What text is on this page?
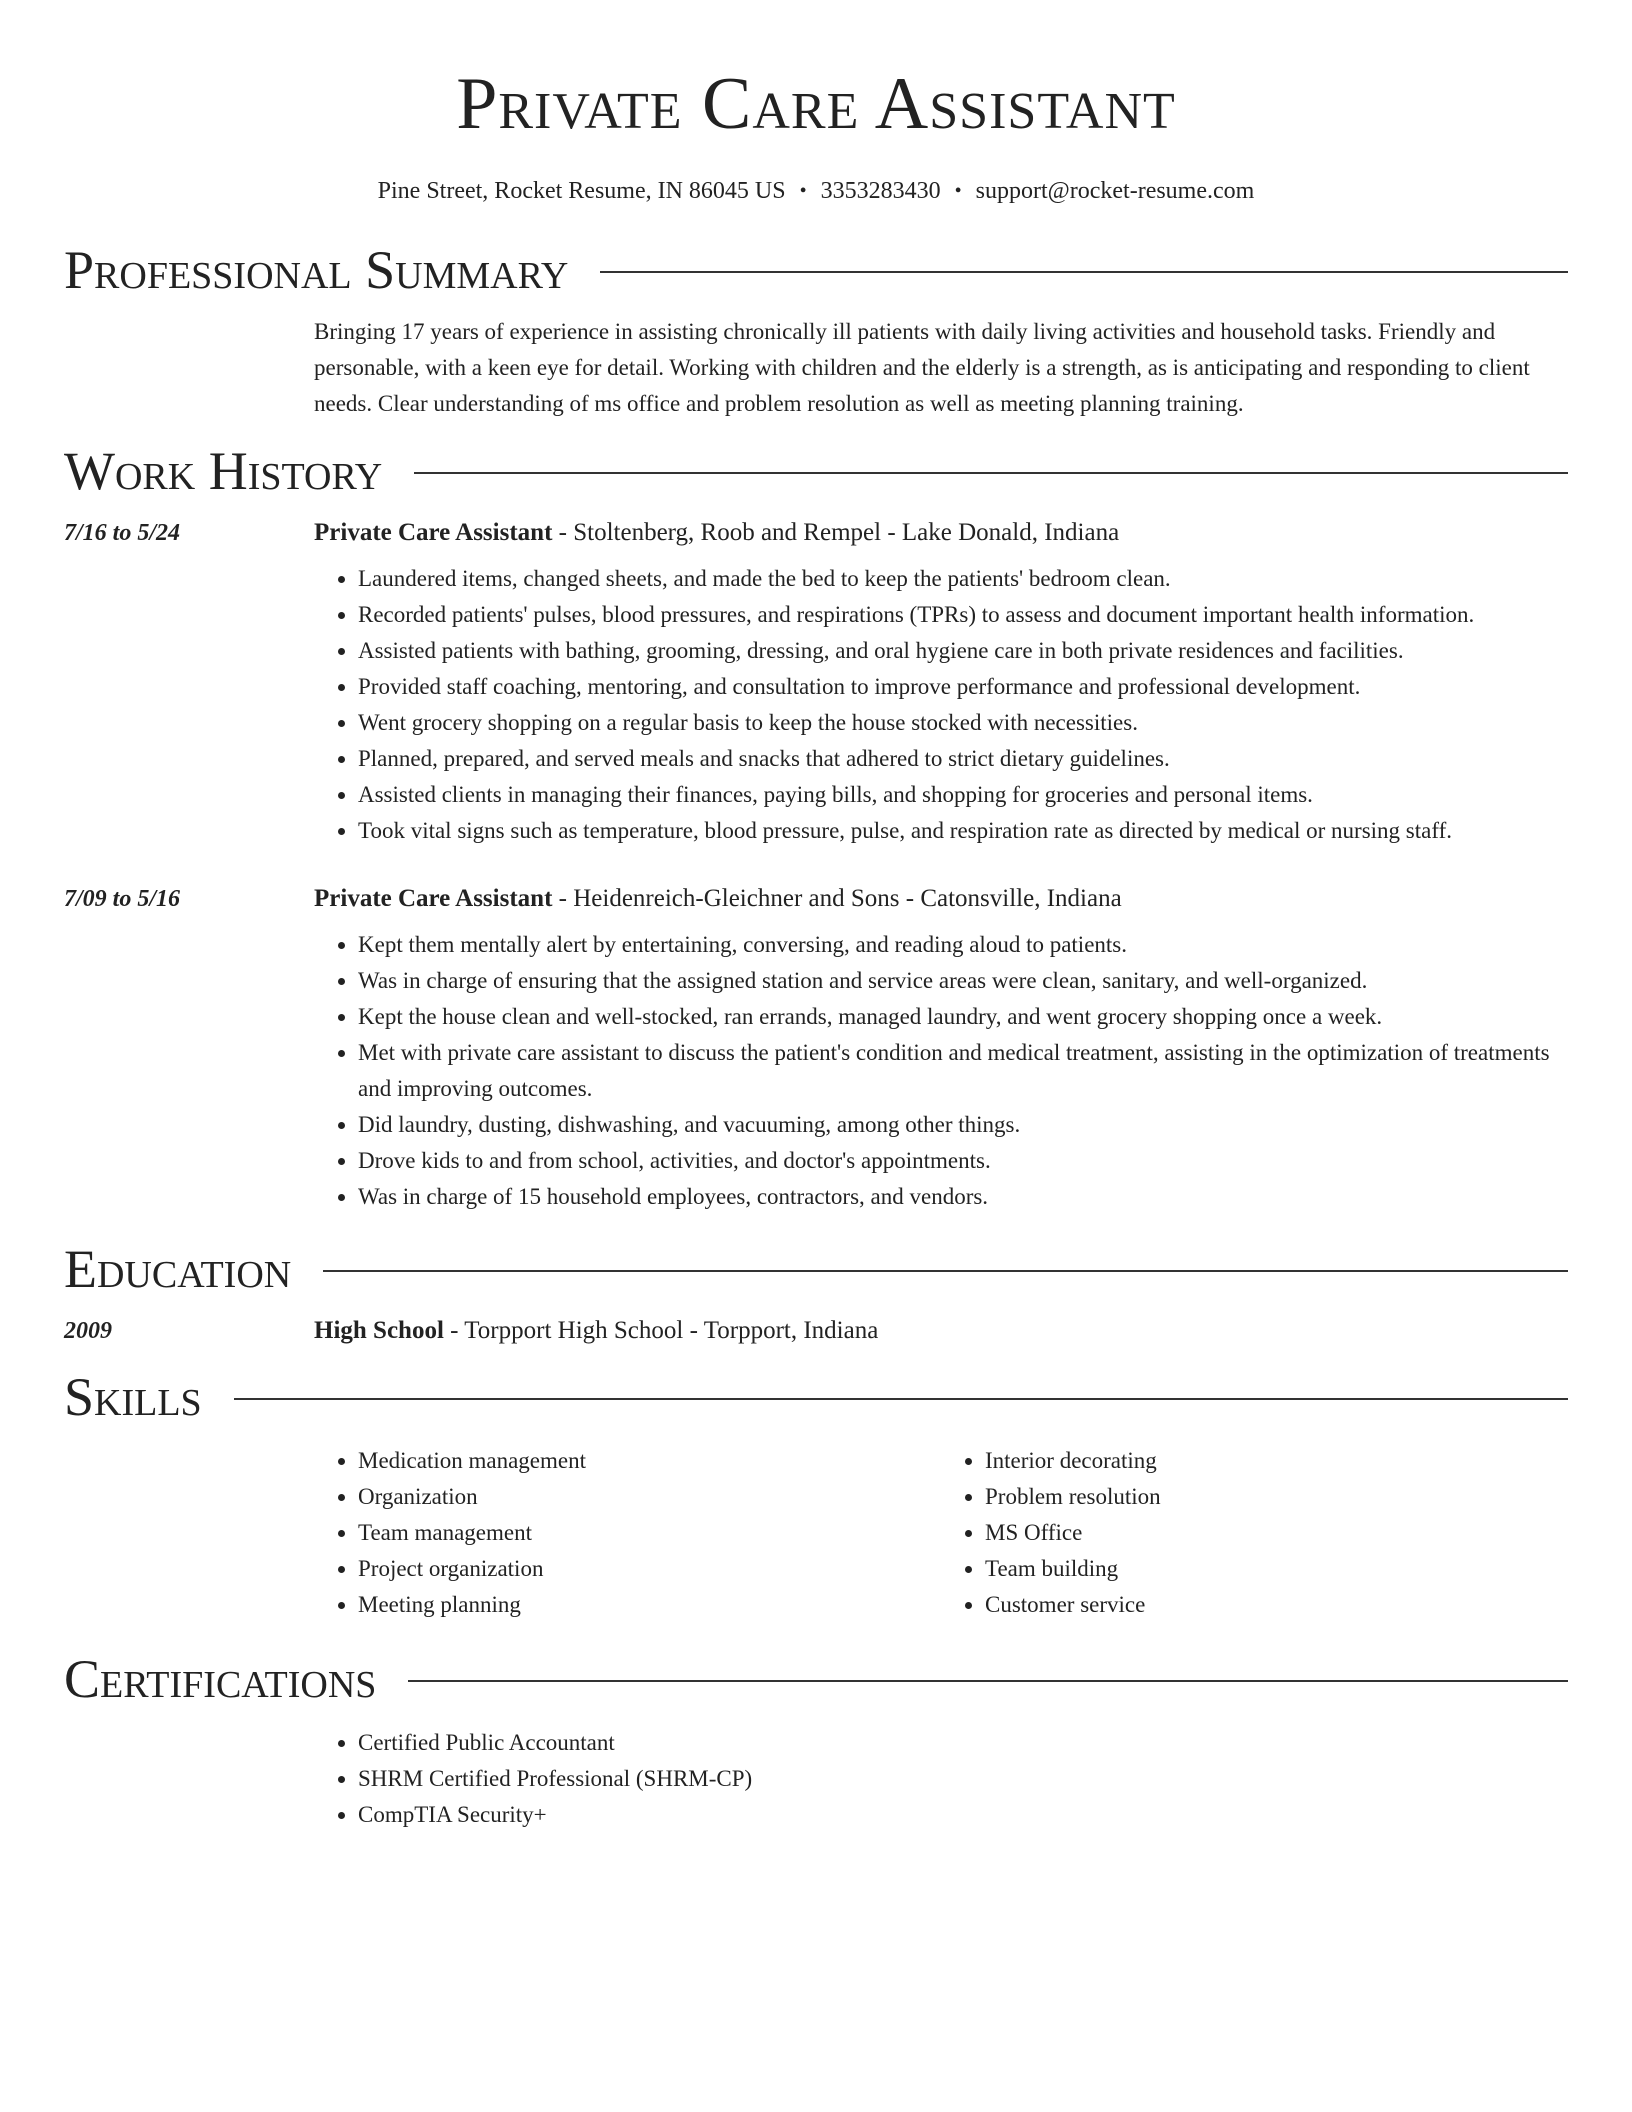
Private Care Assistant
Pine Street, Rocket Resume, IN 86045 US • 3353283430 • support@rocket-resume.com
Professional Summary

Bringing 17 years of experience in assisting chronically ill patients with daily living activities and household tasks. Friendly and personable, with a keen eye for detail. Working with children and the elderly is a strength, as is anticipating and responding to client needs. Clear understanding of ms office and problem resolution as well as meeting planning training.

Work History
7/16 to 5/24	Private Care Assistant - Stoltenberg, Roob and Rempel - Lake Donald, Indiana
• Laundered items, changed sheets, and made the bed to keep the patients' bedroom clean.
• Recorded patients' pulses, blood pressures, and respirations (TPRs) to assess and document important health information.
• Assisted patients with bathing, grooming, dressing, and oral hygiene care in both private residences and facilities.
• Provided staff coaching, mentoring, and consultation to improve performance and professional development.
• Went grocery shopping on a regular basis to keep the house stocked with necessities.
• Planned, prepared, and served meals and snacks that adhered to strict dietary guidelines.
• Assisted clients in managing their finances, paying bills, and shopping for groceries and personal items.
• Took vital signs such as temperature, blood pressure, pulse, and respiration rate as directed by medical or nursing staff.
7/09 to 5/16	Private Care Assistant - Heidenreich-Gleichner and Sons - Catonsville, Indiana
• Kept them mentally alert by entertaining, conversing, and reading aloud to patients.
• Was in charge of ensuring that the assigned station and service areas were clean, sanitary, and well-organized.
• Kept the house clean and well-stocked, ran errands, managed laundry, and went grocery shopping once a week.
• Met with private care assistant to discuss the patient's condition and medical treatment, assisting in the optimization of treatments and improving outcomes.
• Did laundry, dusting, dishwashing, and vacuuming, among other things.
• Drove kids to and from school, activities, and doctor's appointments.
• Was in charge of 15 household employees, contractors, and vendors.
Education
2009	High School - Torpport High School - Torpport, Indiana
Skills
• Medication management
• Organization
• Team management
• Project organization
• Meeting planning
• Interior decorating
• Problem resolution
• MS Office
• Team building
• Customer service
Certifications
• Certified Public Accountant
• SHRM Certified Professional (SHRM-CP)
• CompTIA Security+
